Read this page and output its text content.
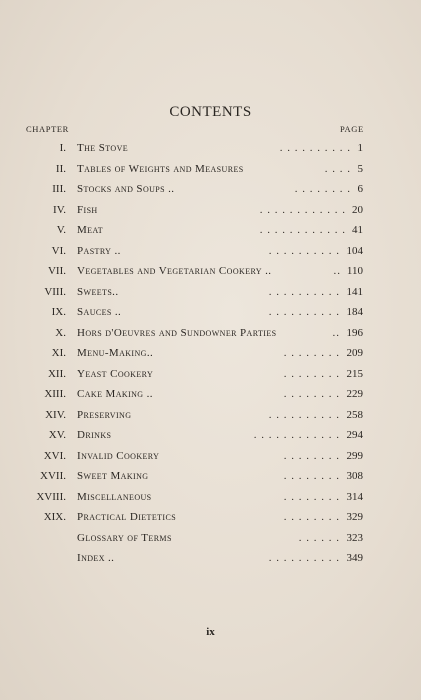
CONTENTS
CHAPTER	PAGE
I. The Stove	. . . . . . . . . . 1
II. Tables of Weights and Measures	. . . . 5
III. Stocks and Soups ..	. . . . . . . . 6
IV. Fish	. . . . . . . . . . . . 20
V. Meat	. . . . . . . . . . . . 41
VI. Pastry ..	. . . . . . . . . . 104
VII. Vegetables and Vegetarian Cookery ..	.. 110
VIII. Sweets..	. . . . . . . . . . 141
IX. Sauces ..	. . . . . . . . . . 184
X. Hors d'Oeuvres and Sundowner Parties	.. 196
XI. Menu-Making..	. . . . . . . . 209
XII. Yeast Cookery	. . . . . . . . 215
XIII. Cake Making ..	. . . . . . . . 229
XIV. Preserving	. . . . . . . . . . 258
XV. Drinks	. . . . . . . . . . . . 294
XVI. Invalid Cookery	. . . . . . . . 299
XVII. Sweet Making	. . . . . . . . 308
XVIII. Miscellaneous	. . . . . . . . 314
XIX. Practical Dietetics	. . . . . . . . 329
Glossary of Terms	. . . . . . 323
Index ..	. . . . . . . . . . 349
ix
